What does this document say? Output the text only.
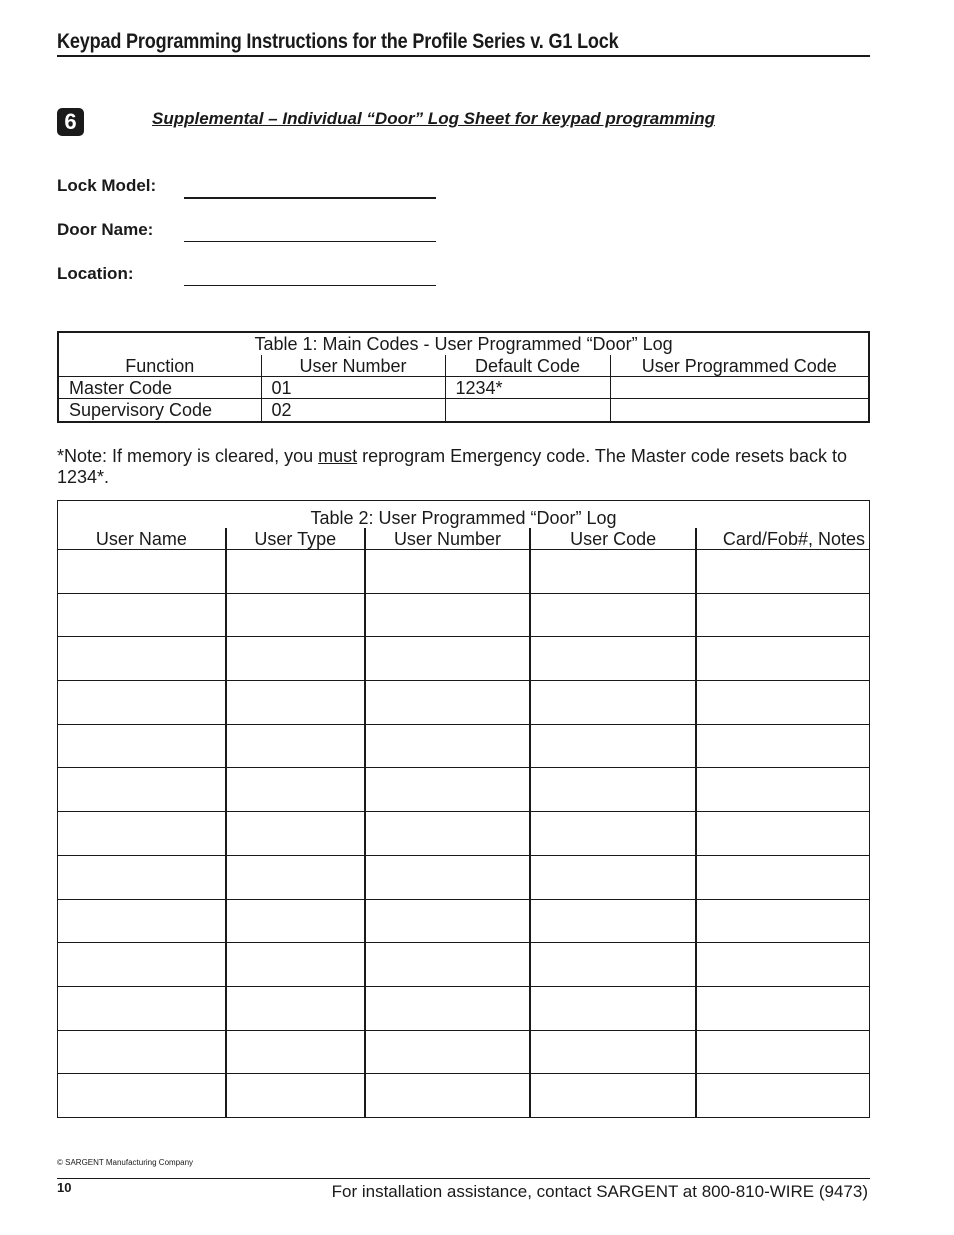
Keypad Programming Instructions for the Profile Series v. G1 Lock
6	Supplemental – Individual “Door” Log Sheet for keypad programming
Lock Model:
Door Name:
Location:
Table 1: Main Codes - User Programmed “Door” Log			
Function	User Number	Default Code	User Programmed Code
Master Code	01	1234*	
Supervisory Code	02		
*Note: If memory is cleared, you must reprogram Emergency code. The Master code resets back to 1234*.
Table 2: User Programmed “Door” Log				
User Name	User Type	User Number	User Code	Card/Fob#, Notes

© SARGENT Manufacturing Company
10	For installation assistance, contact SARGENT at 800-810-WIRE (9473)
